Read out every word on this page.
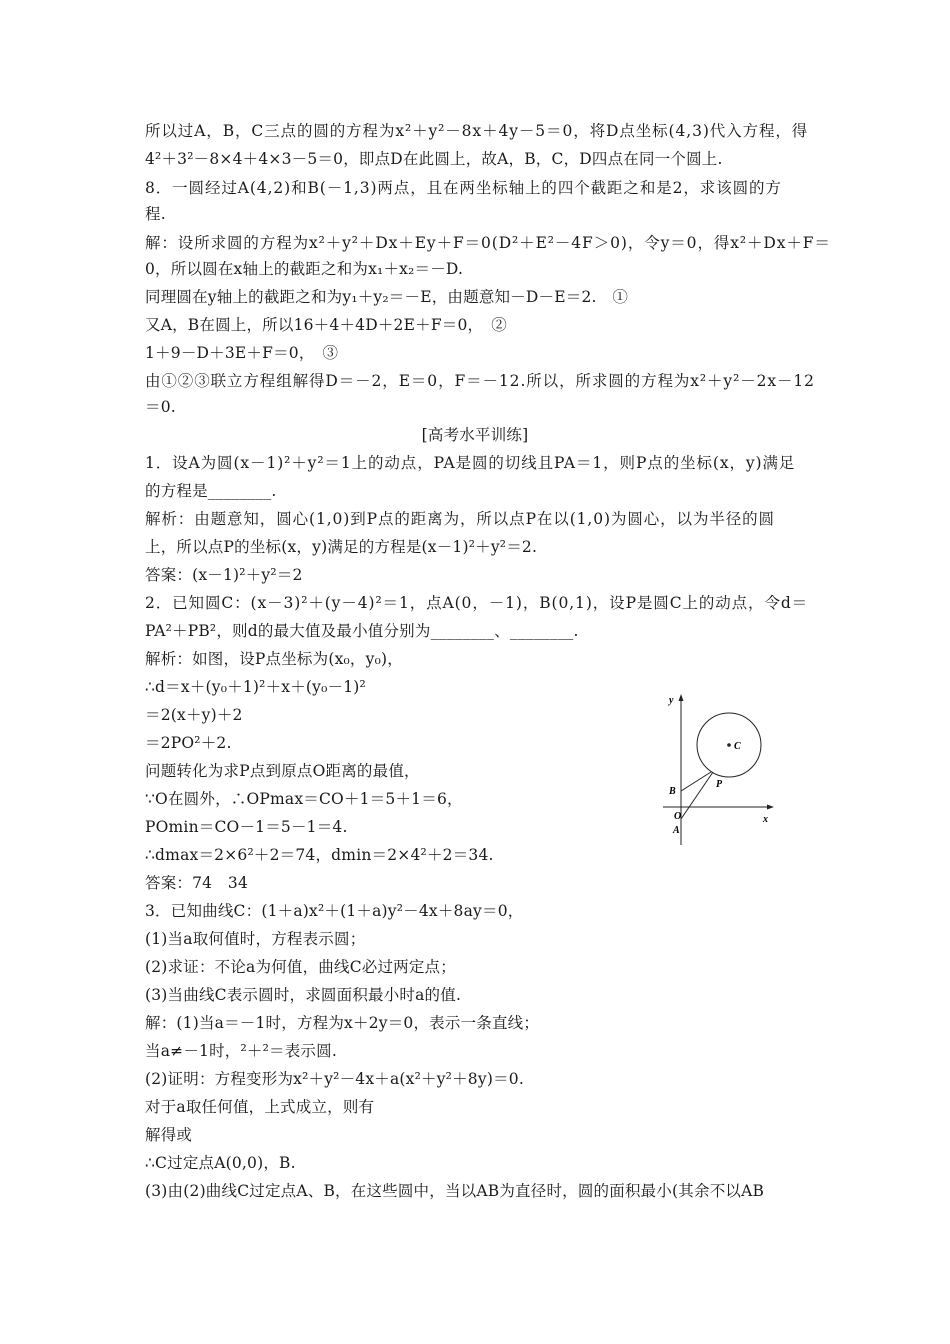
所以过A，B，C三点的圆的方程为x²＋y²－8x＋4y－5＝0，将D点坐标(4,3)代入方程，得
4²＋3²－8×4＋4×3－5＝0，即点D在此圆上，故A，B，C，D四点在同一个圆上.
8．一圆经过A(4,2)和B(－1,3)两点，且在两坐标轴上的四个截距之和是2，求该圆的方
程.
解：设所求圆的方程为x²＋y²＋Dx＋Ey＋F＝0(D²＋E²－4F＞0)，令y＝0，得x²＋Dx＋F＝
0，所以圆在x轴上的截距之和为x₁＋x₂＝－D.
同理圆在y轴上的截距之和为y₁＋y₂＝－E，由题意知－D－E＝2.　①
又A，B在圆上，所以16＋4＋4D＋2E＋F＝0，　②
1＋9－D＋3E＋F＝0，　③
由①②③联立方程组解得D＝－2，E＝0，F＝－12.所以，所求圆的方程为x²＋y²－2x－12
＝0.
[高考水平训练]
1．设A为圆(x－1)²＋y²＝1上的动点，PA是圆的切线且PA＝1，则P点的坐标(x，y)满足
的方程是________.
解析：由题意知，圆心(1,0)到P点的距离为，所以点P在以(1,0)为圆心，以为半径的圆
上，所以点P的坐标(x，y)满足的方程是(x－1)²＋y²＝2.
答案：(x－1)²＋y²＝2
2．已知圆C：(x－3)²＋(y－4)²＝1，点A(0，－1)，B(0,1)，设P是圆C上的动点，令d＝
PA²＋PB²，则d的最大值及最小值分别为________、________.
解析：如图，设P点坐标为(x₀，y₀)，
∴d＝x＋(y₀＋1)²＋x＋(y₀－1)²
＝2(x＋y)＋2
＝2PO²＋2.
问题转化为求P点到原点O距离的最值，
∵O在圆外，∴OPmax＝CO＋1＝5＋1＝6，
POmin＝CO－1＝5－1＝4.
∴dmax＝2×6²＋2＝74，dmin＝2×4²＋2＝34.
答案：74　34
3．已知曲线C：(1＋a)x²＋(1＋a)y²－4x＋8ay＝0，
(1)当a取何值时，方程表示圆；
(2)求证：不论a为何值，曲线C必过两定点；
(3)当曲线C表示圆时，求圆面积最小时a的值.
解：(1)当a＝－1时，方程为x＋2y＝0，表示一条直线；
当a≠－1时，²＋²＝表示圆.
(2)证明：方程变形为x²＋y²－4x＋a(x²＋y²＋8y)＝0.
对于a取任何值，上式成立，则有
解得或
∴C过定点A(0,0)，B.
(3)由(2)曲线C过定点A、B，在这些圆中，当以AB为直径时，圆的面积最小(其余不以AB
y
x
C
B
P
O
A
